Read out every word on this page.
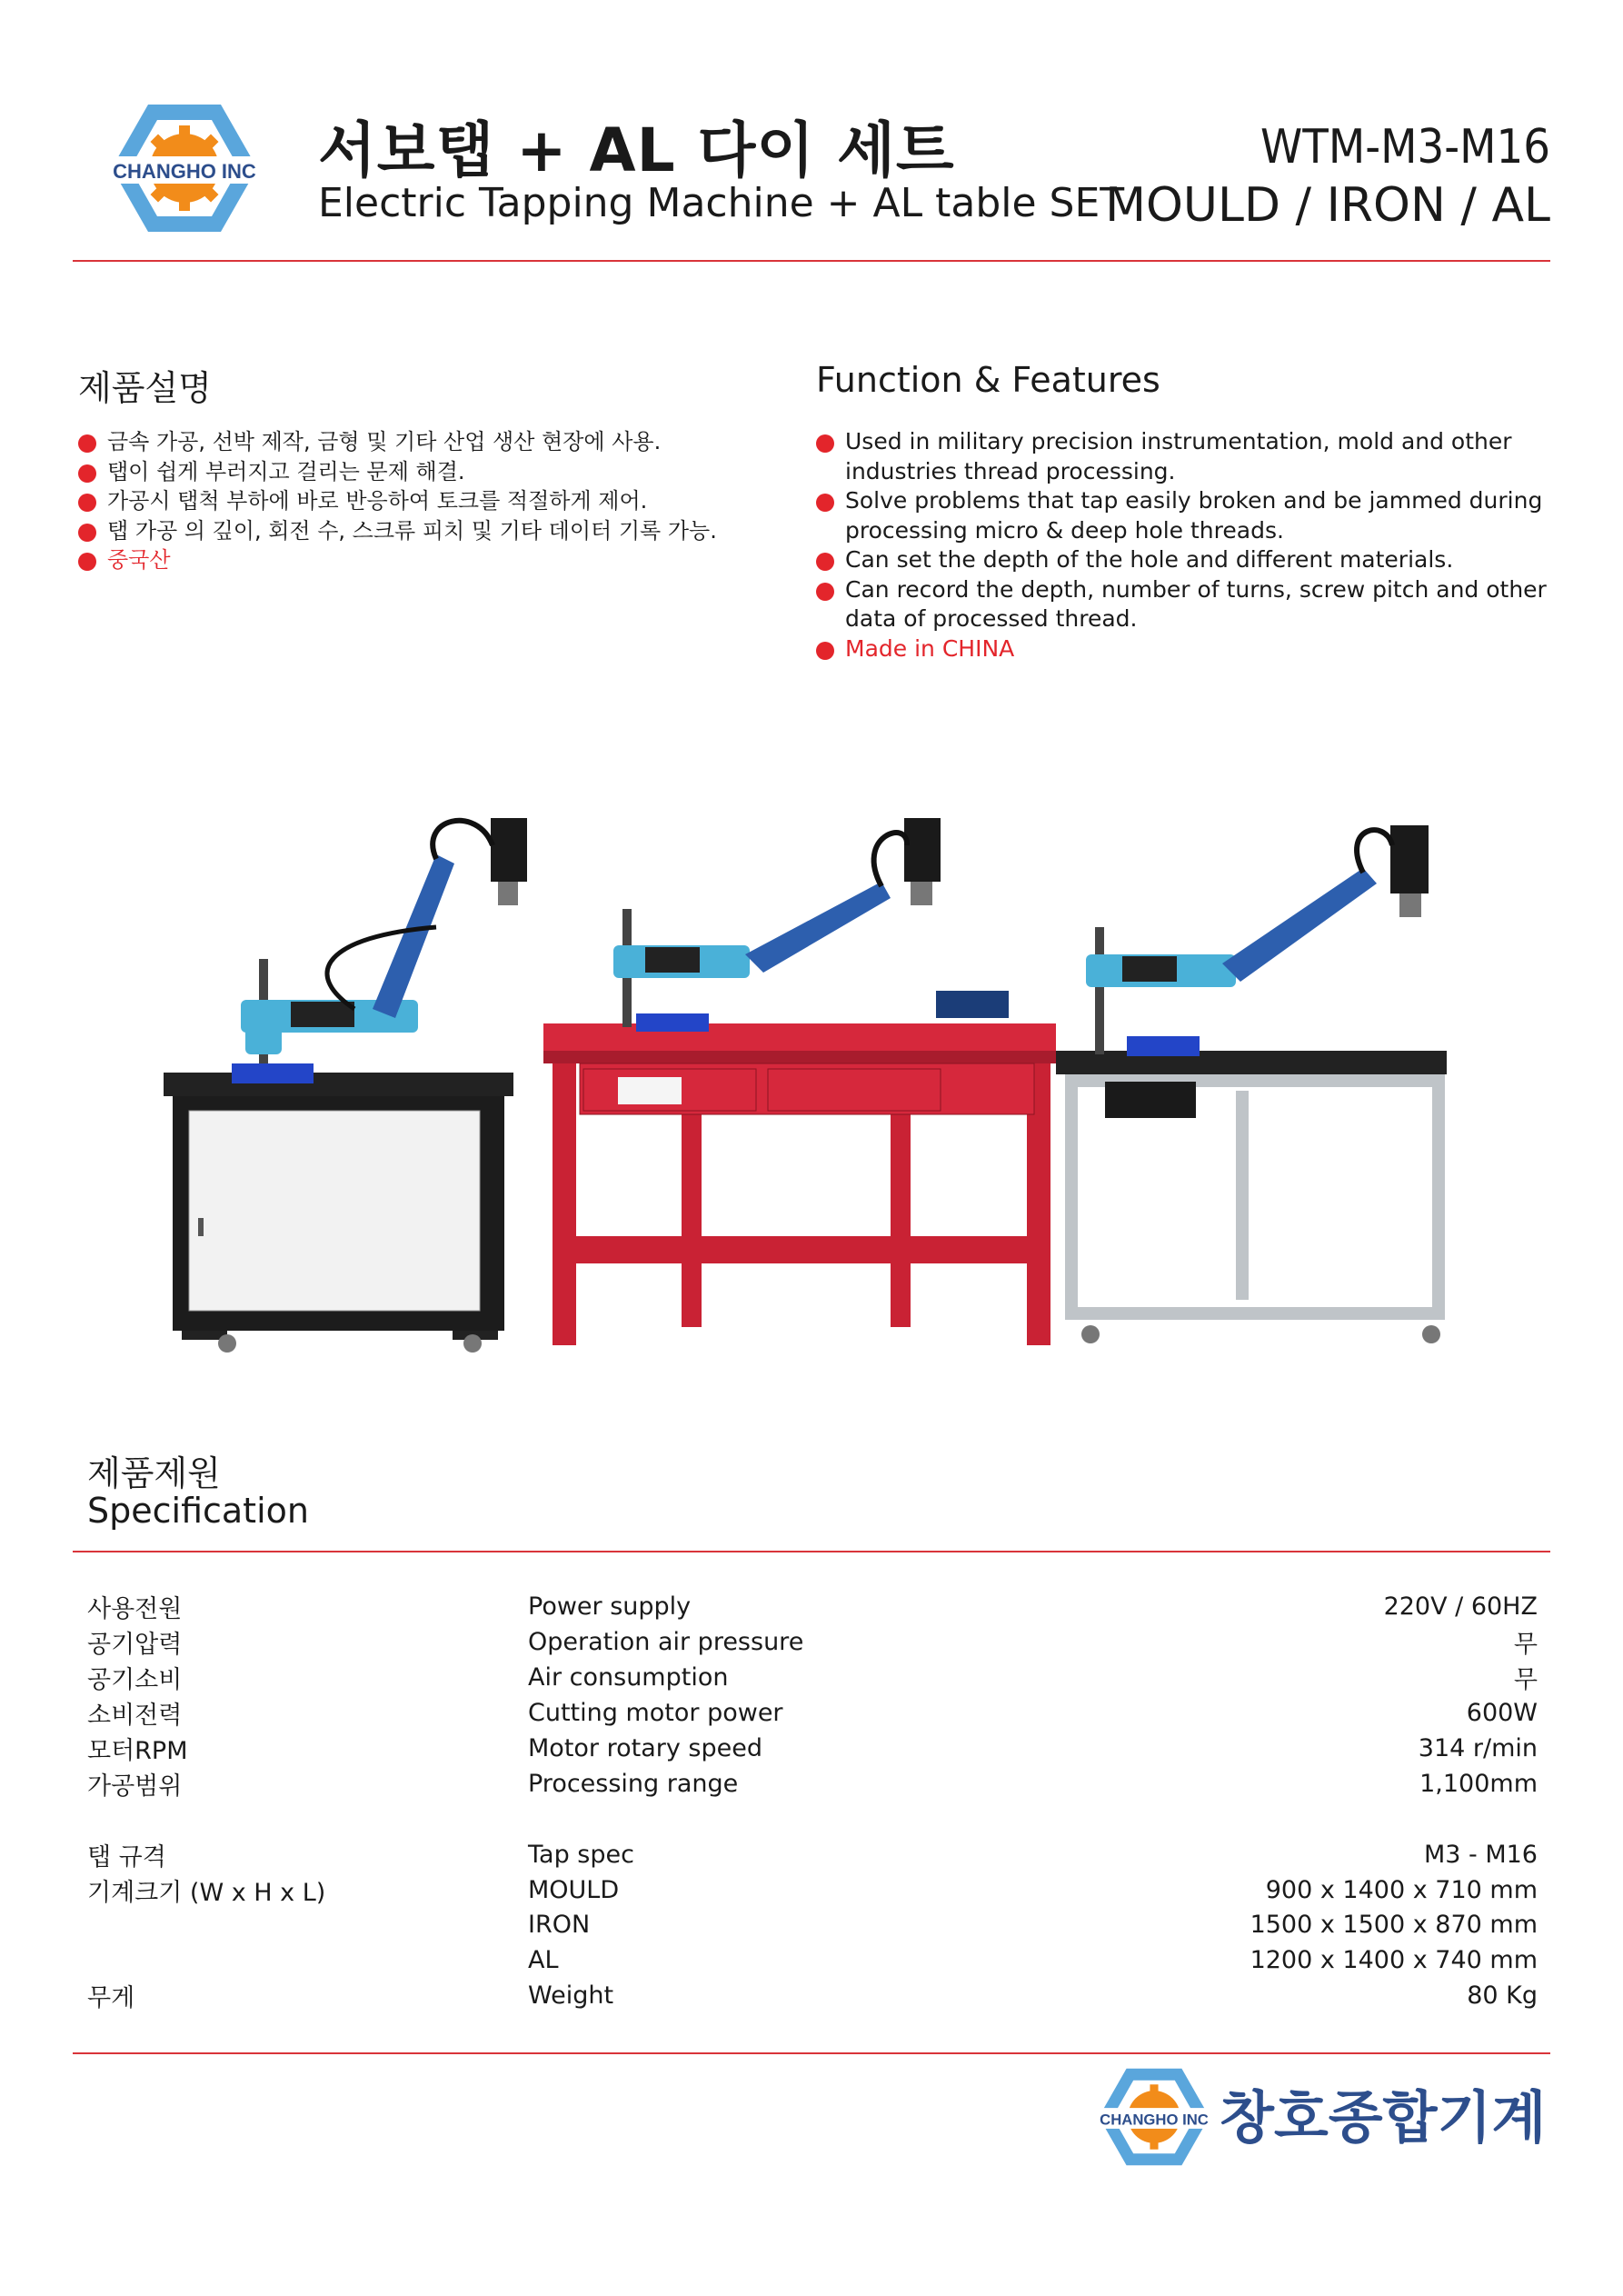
CHANGHO INC 서보탭 + AL 다이 세트
Electric Tapping Machine + AL table SET
WTM-M3-M16
MOULD / IRON / AL
제품설명	Function & Features
금속 가공, 선박 제작, 금형 및 기타 산업 생산 현장에 사용.
탭이 쉽게 부러지고 걸리는 문제 해결.
가공시 탭척 부하에 바로 반응하여 토크를 적절하게 제어.
탭 가공 의 깊이, 회전 수, 스크류 피치 및 기타 데이터 기록 가능.
중국산
Used in military precision instrumentation, mold and other industries thread processing.
Solve problems that tap easily broken and be jammed during processing micro & deep hole threads.
Can set the depth of the hole and different materials.
Can record the depth, number of turns, screw pitch and other data of processed thread.
Made in CHINA
제품제원
Specification
사용전원	Power supply	220V / 60HZ
공기압력	Operation air pressure	무
공기소비	Air consumption	무
소비전력	Cutting motor power	600W
모터RPM	Motor rotary speed	314 r/min
가공범위	Processing range	1,100mm

탭 규격	Tap spec	M3 - M16
기계크기 (W x H x L)	MOULD	900 x 1400 x 710 mm
	IRON	1500 x 1500 x 870 mm
	AL	1200 x 1400 x 740 mm
무게	Weight	80 Kg
CHANGHO INC 창호종합기계
